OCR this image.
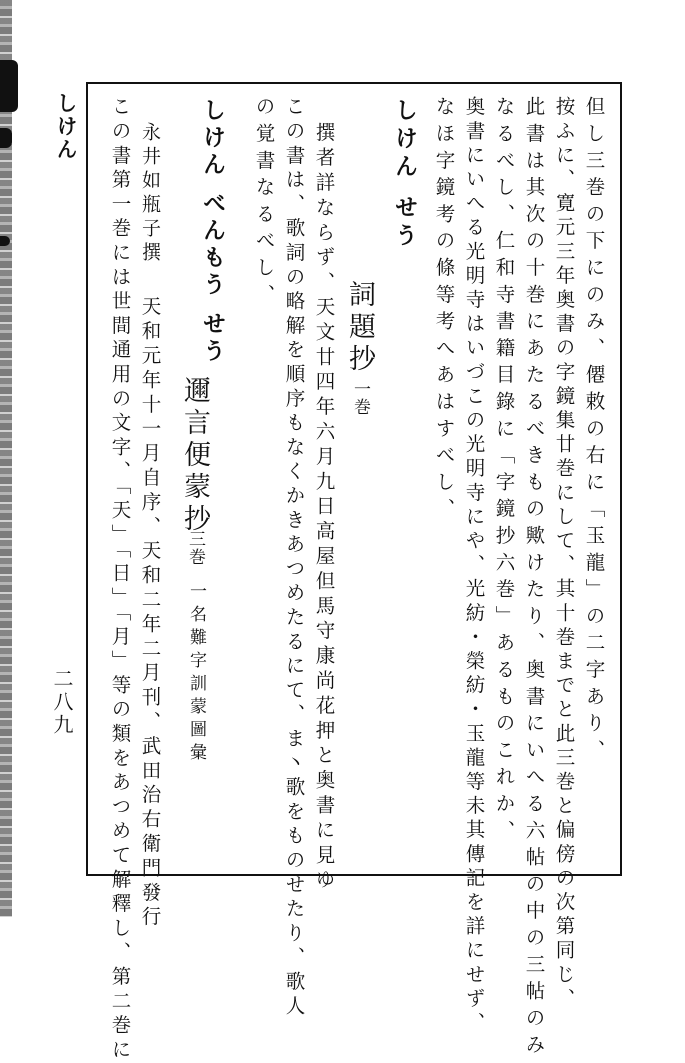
しけん
二八九	但し三巻の下にのみ、僊敕の右に「玉龍」の二字あり、
按ふに、寛元三年奥書の字鏡集廿巻にして、其十巻までと此三巻と偏傍の次第同じ、
此書は其次の十巻にあたるべきもの歟けたり、奥書にいへる六帖の中の三帖のみ
なるべし、仁和寺書籍目錄に「字鏡抄六巻」あるものこれか、
奥書にいへる光明寺はいづこの光明寺にや、光紡・榮紡・玉龍等未其傳記を詳にせず、
なほ字鏡考の條等考へあはすべし、
しけん せう
詞題抄
一巻
撰者詳ならず、天文廿四年六月九日高屋但馬守康尚花押と奥書に見ゆ
この書は、歌詞の略解を順序もなくかきあつめたるにて、ま丶歌をものせたり、歌人
の覚書なるべし、
しけん べんもう せう
邇言便蒙抄
三巻
一名難字訓蒙圖彙
永井如瓶子撰
天和元年十一月自序、天和二年二月刊、武田治右衛門發行
この書第一巻には世間通用の文字、「天」「日」「月」等の類をあつめて解釋し、第二巻に
